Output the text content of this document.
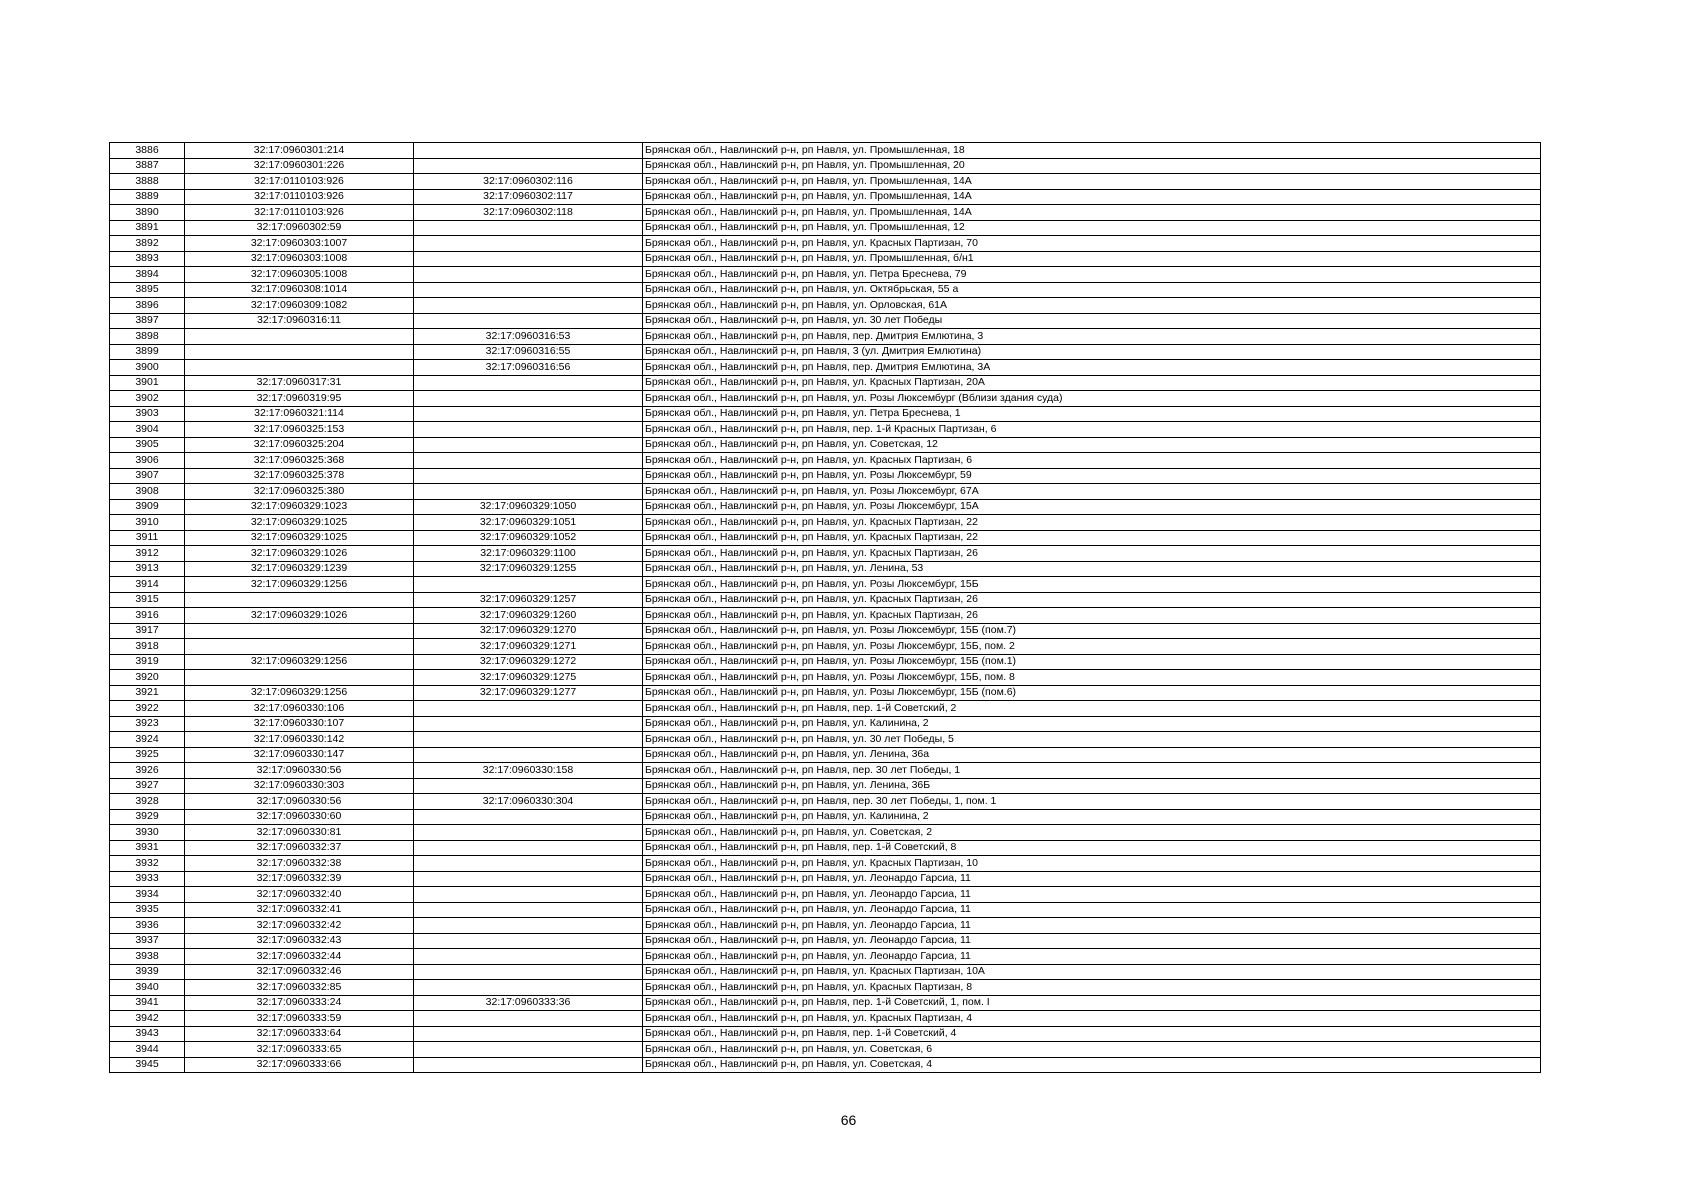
3886	32:17:0960301:214		Брянская обл., Навлинский р-н, рп Навля, ул. Промышленная, 18
3887	32:17:0960301:226		Брянская обл., Навлинский р-н, рп Навля, ул. Промышленная, 20
3888	32:17:0110103:926	32:17:0960302:116	Брянская обл., Навлинский р-н, рп Навля, ул. Промышленная, 14А
3889	32:17:0110103:926	32:17:0960302:117	Брянская обл., Навлинский р-н, рп Навля, ул. Промышленная, 14А
3890	32:17:0110103:926	32:17:0960302:118	Брянская обл., Навлинский р-н, рп Навля, ул. Промышленная, 14А
3891	32:17:0960302:59		Брянская обл., Навлинский р-н, рп Навля, ул. Промышленная, 12
3892	32:17:0960303:1007		Брянская обл., Навлинский р-н, рп Навля, ул. Красных Партизан, 70
3893	32:17:0960303:1008		Брянская обл., Навлинский р-н, рп Навля, ул. Промышленная, б/н1
3894	32:17:0960305:1008		Брянская обл., Навлинский р-н, рп Навля, ул. Петра Бреснева, 79
3895	32:17:0960308:1014		Брянская обл., Навлинский р-н, рп Навля, ул. Октябрьская, 55 а
3896	32:17:0960309:1082		Брянская обл., Навлинский р-н, рп Навля, ул. Орловская, 61А
3897	32:17:0960316:11		Брянская обл., Навлинский р-н, рп Навля, ул. 30 лет Победы
3898		32:17:0960316:53	Брянская обл., Навлинский р-н, рп Навля, пер. Дмитрия Емлютина, 3
3899		32:17:0960316:55	Брянская обл., Навлинский р-н, рп Навля, 3 (ул. Дмитрия Емлютина)
3900		32:17:0960316:56	Брянская обл., Навлинский р-н, рп Навля, пер. Дмитрия Емлютина, 3А
3901	32:17:0960317:31		Брянская обл., Навлинский р-н, рп Навля, ул. Красных Партизан, 20А
3902	32:17:0960319:95		Брянская обл., Навлинский р-н, рп Навля, ул. Розы Люксембург (Вблизи здания суда)
3903	32:17:0960321:114		Брянская обл., Навлинский р-н, рп Навля, ул. Петра Бреснева, 1
3904	32:17:0960325:153		Брянская обл., Навлинский р-н, рп Навля, пер. 1-й Красных Партизан, 6
3905	32:17:0960325:204		Брянская обл., Навлинский р-н, рп Навля, ул. Советская, 12
3906	32:17:0960325:368		Брянская обл., Навлинский р-н, рп Навля, ул. Красных Партизан, 6
3907	32:17:0960325:378		Брянская обл., Навлинский р-н, рп Навля, ул. Розы Люксембург, 59
3908	32:17:0960325:380		Брянская обл., Навлинский р-н, рп Навля, ул. Розы Люксембург, 67А
3909	32:17:0960329:1023	32:17:0960329:1050	Брянская обл., Навлинский р-н, рп Навля, ул. Розы Люксембург, 15А
3910	32:17:0960329:1025	32:17:0960329:1051	Брянская обл., Навлинский р-н, рп Навля, ул. Красных Партизан, 22
3911	32:17:0960329:1025	32:17:0960329:1052	Брянская обл., Навлинский р-н, рп Навля, ул. Красных Партизан, 22
3912	32:17:0960329:1026	32:17:0960329:1100	Брянская обл., Навлинский р-н, рп Навля, ул. Красных Партизан, 26
3913	32:17:0960329:1239	32:17:0960329:1255	Брянская обл., Навлинский р-н, рп Навля, ул. Ленина, 53
3914	32:17:0960329:1256		Брянская обл., Навлинский р-н, рп Навля, ул. Розы Люксембург, 15Б
3915		32:17:0960329:1257	Брянская обл., Навлинский р-н, рп Навля, ул. Красных Партизан, 26
3916	32:17:0960329:1026	32:17:0960329:1260	Брянская обл., Навлинский р-н, рп Навля, ул. Красных Партизан, 26
3917		32:17:0960329:1270	Брянская обл., Навлинский р-н, рп Навля, ул. Розы Люксембург, 15Б (пом.7)
3918		32:17:0960329:1271	Брянская обл., Навлинский р-н, рп Навля, ул. Розы Люксембург, 15Б, пом. 2
3919	32:17:0960329:1256	32:17:0960329:1272	Брянская обл., Навлинский р-н, рп Навля, ул. Розы Люксембург, 15Б (пом.1)
3920		32:17:0960329:1275	Брянская обл., Навлинский р-н, рп Навля, ул. Розы Люксембург, 15Б, пом. 8
3921	32:17:0960329:1256	32:17:0960329:1277	Брянская обл., Навлинский р-н, рп Навля, ул. Розы Люксембург, 15Б (пом.6)
3922	32:17:0960330:106		Брянская обл., Навлинский р-н, рп Навля, пер. 1-й Советский, 2
3923	32:17:0960330:107		Брянская обл., Навлинский р-н, рп Навля, ул. Калинина, 2
3924	32:17:0960330:142		Брянская обл., Навлинский р-н, рп Навля, ул. 30 лет Победы, 5
3925	32:17:0960330:147		Брянская обл., Навлинский р-н, рп Навля, ул. Ленина, 36а
3926	32:17:0960330:56	32:17:0960330:158	Брянская обл., Навлинский р-н, рп Навля, пер. 30 лет Победы, 1
3927	32:17:0960330:303		Брянская обл., Навлинский р-н, рп Навля, ул. Ленина, 36Б
3928	32:17:0960330:56	32:17:0960330:304	Брянская обл., Навлинский р-н, рп Навля, пер. 30 лет Победы, 1, пом. 1
3929	32:17:0960330:60		Брянская обл., Навлинский р-н, рп Навля, ул. Калинина, 2
3930	32:17:0960330:81		Брянская обл., Навлинский р-н, рп Навля, ул. Советская, 2
3931	32:17:0960332:37		Брянская обл., Навлинский р-н, рп Навля, пер. 1-й Советский, 8
3932	32:17:0960332:38		Брянская обл., Навлинский р-н, рп Навля, ул. Красных Партизан, 10
3933	32:17:0960332:39		Брянская обл., Навлинский р-н, рп Навля, ул. Леонардо Гарсиа, 11
3934	32:17:0960332:40		Брянская обл., Навлинский р-н, рп Навля, ул. Леонардо Гарсиа, 11
3935	32:17:0960332:41		Брянская обл., Навлинский р-н, рп Навля, ул. Леонардо Гарсиа, 11
3936	32:17:0960332:42		Брянская обл., Навлинский р-н, рп Навля, ул. Леонардо Гарсиа, 11
3937	32:17:0960332:43		Брянская обл., Навлинский р-н, рп Навля, ул. Леонардо Гарсиа, 11
3938	32:17:0960332:44		Брянская обл., Навлинский р-н, рп Навля, ул. Леонардо Гарсиа, 11
3939	32:17:0960332:46		Брянская обл., Навлинский р-н, рп Навля, ул. Красных Партизан, 10А
3940	32:17:0960332:85		Брянская обл., Навлинский р-н, рп Навля, ул. Красных Партизан, 8
3941	32:17:0960333:24	32:17:0960333:36	Брянская обл., Навлинский р-н, рп Навля, пер. 1-й Советский, 1, пом. I
3942	32:17:0960333:59		Брянская обл., Навлинский р-н, рп Навля, ул. Красных Партизан, 4
3943	32:17:0960333:64		Брянская обл., Навлинский р-н, рп Навля, пер. 1-й Советский, 4
3944	32:17:0960333:65		Брянская обл., Навлинский р-н, рп Навля, ул. Советская, 6
3945	32:17:0960333:66		Брянская обл., Навлинский р-н, рп Навля, ул. Советская, 4
66
